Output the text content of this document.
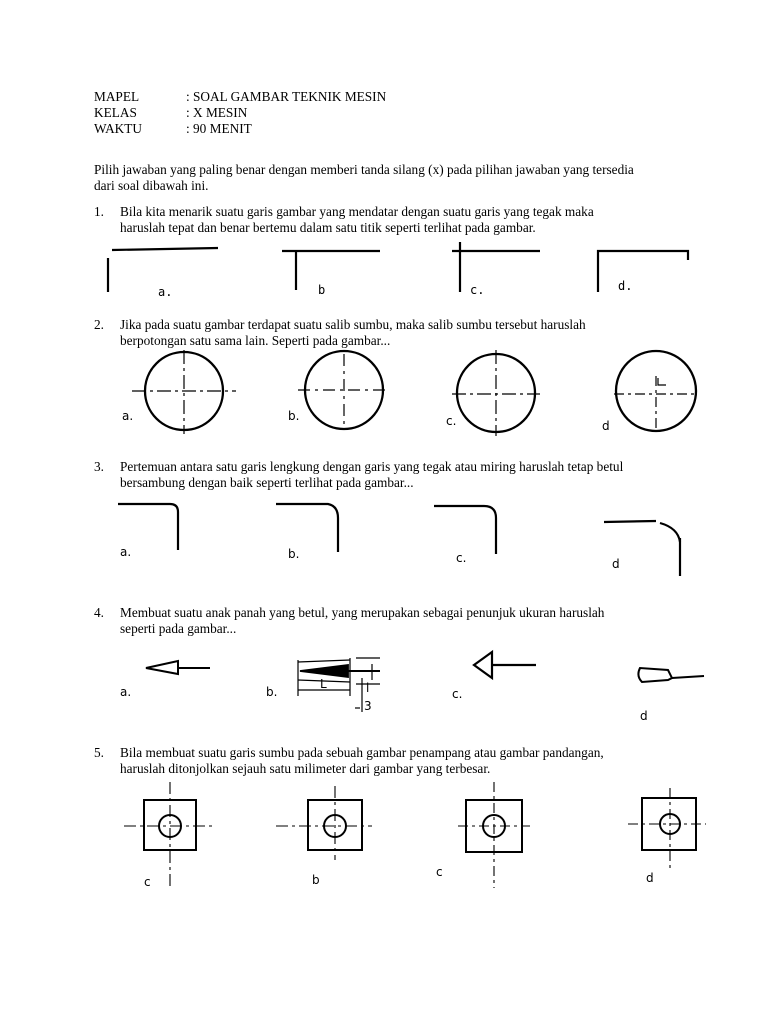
MAPEL	: SOAL GAMBAR TEKNIK MESIN
KELAS	: X MESIN
WAKTU	: 90 MENIT
Pilih jawaban yang paling benar dengan memberi tanda silang (x) pada pilihan jawaban yang tersedia
dari soal dibawah ini.
1. Bila kita menarik suatu garis gambar yang mendatar dengan suatu garis yang tegak maka
haruslah tepat dan benar bertemu dalam satu titik seperti terlihat pada gambar.
a.	b	c.	d.
2. Jika pada suatu gambar terdapat suatu salib sumbu, maka salib sumbu tersebut haruslah
berpotongan satu sama lain. Seperti pada gambar...
a.	b.	c.	d
3. Pertemuan antara satu garis lengkung dengan garis yang tegak atau miring haruslah tetap betul
bersambung dengan baik seperti terlihat pada gambar...
a.	b.	c.	d
4. Membuat suatu anak panah yang betul, yang merupakan sebagai penunjuk ukuran haruslah
seperti pada gambar...
a.
L	l
3
b.	c.
d
5. Bila membuat suatu garis sumbu pada sebuah gambar penampang atau gambar pandangan,
haruslah ditonjolkan sejauh satu milimeter dari gambar yang terbesar.
c	b
c	d
